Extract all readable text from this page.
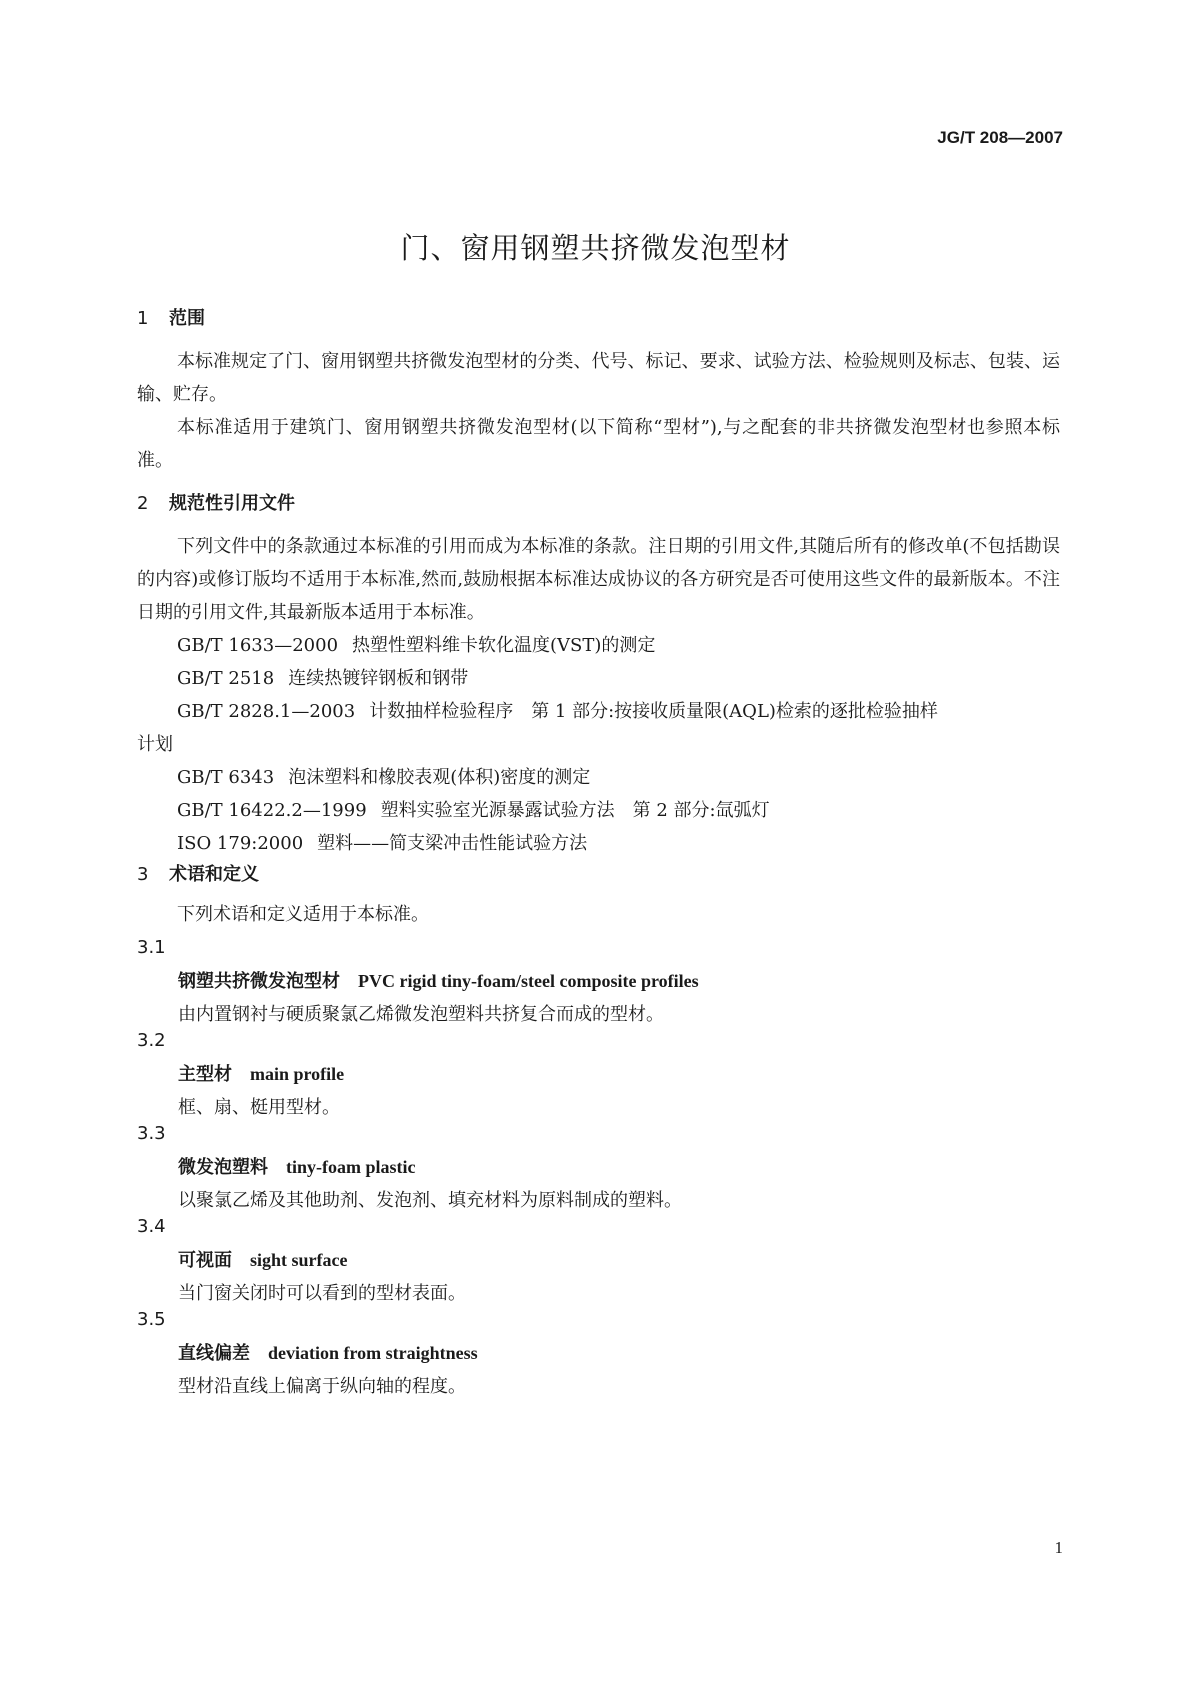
JG/T 208—2007
门、窗用钢塑共挤微发泡型材
1 范围

本标准规定了门、窗用钢塑共挤微发泡型材的分类、代号、标记、要求、试验方法、检验规则及标志、包装、运输、贮存。

本标准适用于建筑门、窗用钢塑共挤微发泡型材(以下简称“型材”),与之配套的非共挤微发泡型材也参照本标准。

2 规范性引用文件

下列文件中的条款通过本标准的引用而成为本标准的条款。注日期的引用文件,其随后所有的修改单(不包括勘误的内容)或修订版均不适用于本标准,然而,鼓励根据本标准达成协议的各方研究是否可使用这些文件的最新版本。不注日期的引用文件,其最新版本适用于本标准。

GB/T 1633—2000 热塑性塑料维卡软化温度(VST)的测定

GB/T 2518 连续热镀锌钢板和钢带

GB/T 2828.1—2003 计数抽样检验程序 第 1 部分:按接收质量限(AQL)检索的逐批检验抽样

计划

GB/T 6343 泡沫塑料和橡胶表观(体积)密度的测定

GB/T 16422.2—1999 塑料实验室光源暴露试验方法 第 2 部分:氙弧灯

ISO 179:2000 塑料——简支梁冲击性能试验方法

3 术语和定义

下列术语和定义适用于本标准。

3.1
钢塑共挤微发泡型材 PVC rigid tiny-foam/steel composite profiles
由内置钢衬与硬质聚氯乙烯微发泡塑料共挤复合而成的型材。
3.2
主型材 main profile
框、扇、梃用型材。
3.3
微发泡塑料 tiny-foam plastic
以聚氯乙烯及其他助剂、发泡剂、填充材料为原料制成的塑料。
3.4
可视面 sight surface
当门窗关闭时可以看到的型材表面。
3.5
直线偏差 deviation from straightness
型材沿直线上偏离于纵向轴的程度。
1
